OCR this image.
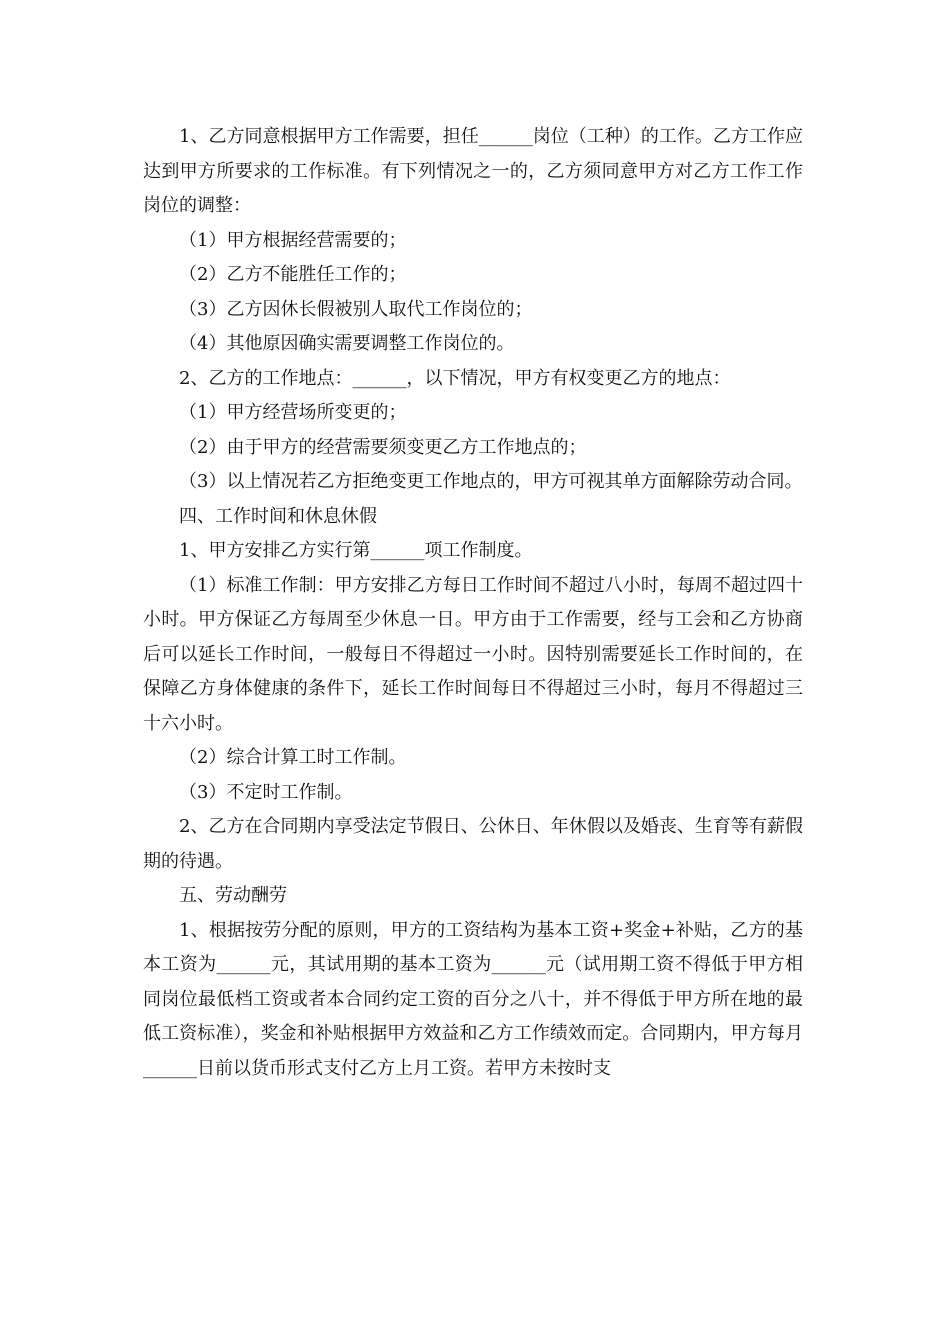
1、乙方同意根据甲方工作需要，担任______岗位（工种）的工作。乙方工作应达到甲方所要求的工作标准。有下列情况之一的，乙方须同意甲方对乙方工作工作岗位的调整：

（1）甲方根据经营需要的；

（2）乙方不能胜任工作的；

（3）乙方因休长假被别人取代工作岗位的；

（4）其他原因确实需要调整工作岗位的。

2、乙方的工作地点：______，以下情况，甲方有权变更乙方的地点：

（1）甲方经营场所变更的；

（2）由于甲方的经营需要须变更乙方工作地点的；

（3）以上情况若乙方拒绝变更工作地点的，甲方可视其单方面解除劳动合同。

四、工作时间和休息休假

1、甲方安排乙方实行第______项工作制度。

（1）标准工作制：甲方安排乙方每日工作时间不超过八小时，每周不超过四十小时。甲方保证乙方每周至少休息一日。甲方由于工作需要，经与工会和乙方协商后可以延长工作时间，一般每日不得超过一小时。因特别需要延长工作时间的，在保障乙方身体健康的条件下，延长工作时间每日不得超过三小时，每月不得超过三十六小时。

（2）综合计算工时工作制。

（3）不定时工作制。

2、乙方在合同期内享受法定节假日、公休日、年休假以及婚丧、生育等有薪假期的待遇。

五、劳动酬劳

1、根据按劳分配的原则，甲方的工资结构为基本工资+奖金+补贴，乙方的基本工资为______元，其试用期的基本工资为______元（试用期工资不得低于甲方相同岗位最低档工资或者本合同约定工资的百分之八十，并不得低于甲方所在地的最低工资标准），奖金和补贴根据甲方效益和乙方工作绩效而定。合同期内，甲方每月______日前以货币形式支付乙方上月工资。若甲方未按时支
